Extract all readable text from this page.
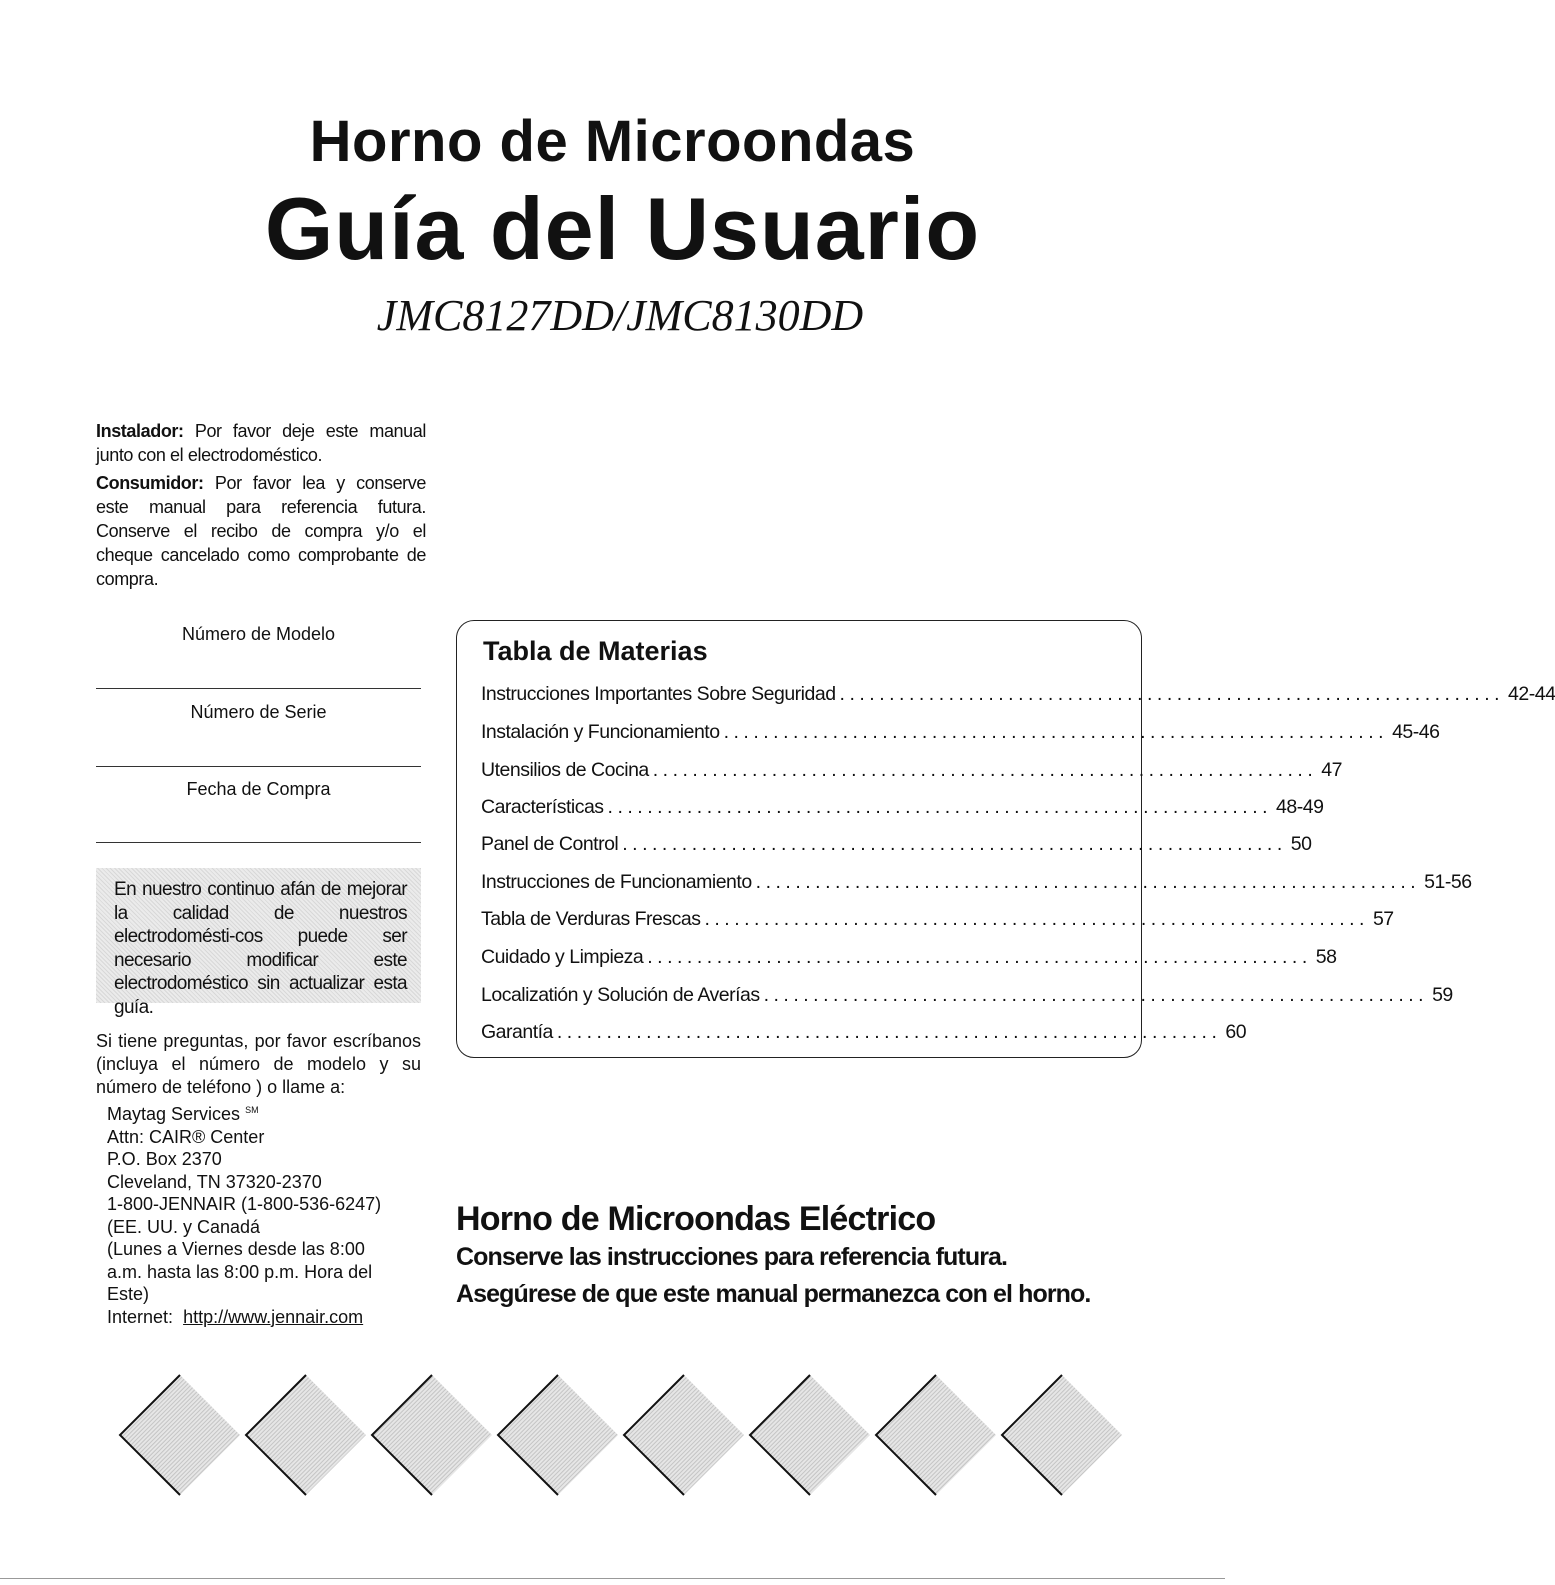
Horno de Microondas
Guía del Usuario
JMC8127DD/JMC8130DD
Instalador: Por favor deje este manual junto con el electrodoméstico.
Consumidor: Por favor lea y conserve este manual para referencia futura. Conserve el recibo de compra y/o el cheque cancelado como comprobante de compra.
Número de Modelo
Número de Serie
Fecha de Compra
En nuestro continuo afán de mejorar la calidad de nuestros electrodomésti-cos puede ser necesario modificar este electrodoméstico sin actualizar esta guía.
Si tiene preguntas, por favor escríbanos (incluya el número de modelo y su número de teléfono ) o llame a:
Maytag Services ℠
Attn: CAIR® Center
P.O. Box 2370
Cleveland, TN 37320-2370
1-800-JENNAIR (1-800-536-6247)
(EE. UU. y Canadá
(Lunes a Viernes desde las 8:00
a.m. hasta las 8:00 p.m. Hora del
Este)
Internet: http://www.jennair.com
Tabla de Materias
Instrucciones Importantes Sobre Seguridad ................................................................... 42-44
Instalación y Funcionamiento ................................................................... 45-46
Utensilios de Cocina ................................................................... 47
Características ................................................................... 48-49
Panel de Control ................................................................... 50
Instrucciones de Funcionamiento ................................................................... 51-56
Tabla de Verduras Frescas ................................................................... 57
Cuidado y Limpieza ................................................................... 58
Localizatión y Solución de Averías ................................................................... 59
Garantía ................................................................... 60
Horno de Microondas Eléctrico
Conserve las instrucciones para referencia futura.
Asegúrese de que este manual permanezca con el horno.
